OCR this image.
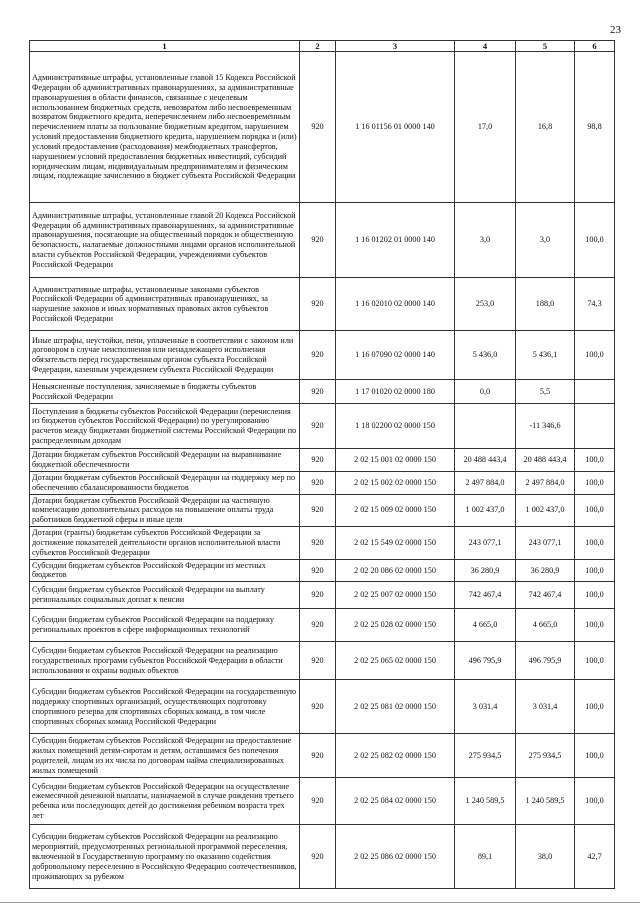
23
1	2	3	4	5	6
Административные штрафы, установленные главой 15 Кодекса Российской Федерации об административных правонарушениях, за административные правонарушения в области финансов, связанные с нецелевым использованием бюджетных средств, невозвратом либо несвоевременным возвратом бюджетного кредита, неперечислением либо несвоевременным перечислением платы за пользование бюджетным кредитом, нарушением условий предоставления бюджетного кредита, нарушением порядка и (или) условий предоставления (расходования) межбюджетных трансфертов, нарушением условий предоставления бюджетных инвестиций, субсидий юридическим лицам, индивидуальным предпринимателям и физическим лицам, подлежащие зачислению в бюджет субъекта Российской Федерации	920	1 16 01156 01 0000 140	17,0	16,8	98,8
Административные штрафы, установленные главой 20 Кодекса Российской Федерации об административных правонарушениях, за административные правонарушения, посягающие на общественный порядок и общественную безопасность, налагаемые должностными лицами органов исполнительной власти субъектов Российской Федерации, учреждениями субъектов Российской Федерации	920	1 16 01202 01 0000 140	3,0	3,0	100,0
Административные штрафы, установленные законами субъектов Российской Федерации об административных правонарушениях, за нарушение законов и иных нормативных правовых актов субъектов Российской Федерации	920	1 16 02010 02 0000 140	253,0	188,0	74,3
Иные штрафы, неустойки, пени, уплаченные в соответствии с законом или договором в случае неисполнения или ненадлежащего исполнения обязательств перед государственным органом субъекта Российской Федерации, казенным учреждением субъекта Российской Федерации	920	1 16 07090 02 0000 140	5 436,0	5 436,1	100,0
Невыясненные поступления, зачисляемые в бюджеты субъектов Российской Федерации	920	1 17 01020 02 0000 180	0,0	5,5	
Поступления в бюджеты субъектов Российской Федерации (перечисления из бюджетов субъектов Российской Федерации) по урегулированию расчетов между бюджетами бюджетной системы Российской Федерации по распределенным доходам	920	1 18 02200 02 0000 150		-11 346,6	
Дотации бюджетам субъектов Российской Федерации на выравнивание бюджетной обеспеченности	920	2 02 15 001 02 0000 150	20 488 443,4	20 488 443,4	100,0
Дотации бюджетам субъектов Российской Федерации на поддержку мер по обеспечению сбалансированности бюджетов	920	2 02 15 002 02 0000 150	2 497 884,0	2 497 884,0	100,0
Дотации бюджетам субъектов Российской Федерации на частичную компенсацию дополнительных расходов на повышение оплаты труда работников бюджетной сферы и иные цели	920	2 02 15 009 02 0000 150	1 002 437,0	1 002 437,0	100,0
Дотации (гранты) бюджетам субъектов Российской Федерации за достижение показателей деятельности органов исполнительной власти субъектов Российской Федерации	920	2 02 15 549 02 0000 150	243 077,1	243 077,1	100,0
Субсидии бюджетам субъектов Российской Федерации из местных бюджетов	920	2 02 20 086 02 0000 150	36 280,9	36 280,9	100,0
Субсидии бюджетам субъектов Российской Федерации на выплату региональных социальных доплат к пенсии	920	2 02 25 007 02 0000 150	742 467,4	742 467,4	100,0
Субсидии бюджетам субъектов Российской Федерации на поддержку региональных проектов в сфере информационных технологий	920	2 02 25 028 02 0000 150	4 665,0	4 665,0	100,0
Субсидии бюджетам субъектов Российской Федерации на реализацию государственных программ субъектов Российской Федерации в области использования и охраны водных объектов	920	2 02 25 065 02 0000 150	496 795,9	496 795,9	100,0
Субсидии бюджетам субъектов Российской Федерации на государственную поддержку спортивных организаций, осуществляющих подготовку спортивного резерва для спортивных сборных команд, в том числе спортивных сборных команд Российской Федерации	920	2 02 25 081 02 0000 150	3 031,4	3 031,4	100,0
Субсидии бюджетам субъектов Российской Федерации на предоставление жилых помещений детям-сиротам и детям, оставшимся без попечения родителей, лицам из их числа по договорам найма специализированных жилых помещений	920	2 02 25 082 02 0000 150	275 934,5	275 934,5	100,0
Субсидии бюджетам субъектов Российской Федерации на осуществление ежемесячной денежной выплаты, назначаемой в случае рождения третьего ребенка или последующих детей до достижения ребенком возраста трех лет	920	2 02 25 084 02 0000 150	1 240 589,5	1 240 589,5	100,0
Субсидии бюджетам субъектов Российской Федерации на реализацию мероприятий, предусмотренных региональной программой переселения, включенной в Государственную программу по оказанию содействия добровольному переселению в Российскую Федерацию соотечественников, проживающих за рубежом	920	2 02 25 086 02 0000 150	89,1	38,0	42,7
